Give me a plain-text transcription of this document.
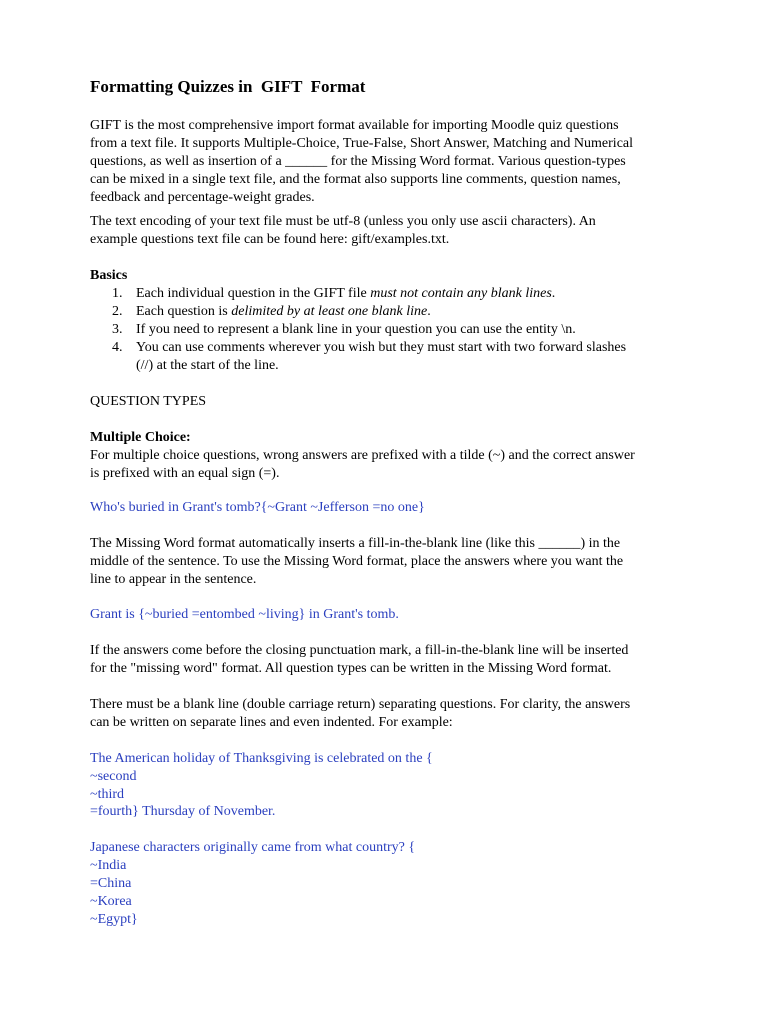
Formatting Quizzes in  GIFT  Format
GIFT is the most comprehensive import format available for importing Moodle quiz questions
from a text file. It supports Multiple-Choice, True-False, Short Answer, Matching and Numerical
questions, as well as insertion of a ______ for the Missing Word format. Various question-types
can be mixed in a single text file, and the format also supports line comments, question names,
feedback and percentage-weight grades.
The text encoding of your text file must be utf-8 (unless you only use ascii characters). An
example questions text file can be found here: gift/examples.txt.
Basics
1. Each individual question in the GIFT file must not contain any blank lines.
2. Each question is delimited by at least one blank line.
3. If you need to represent a blank line in your question you can use the entity \n.
4. You can use comments wherever you wish but they must start with two forward slashes
(//) at the start of the line.
QUESTION TYPES
Multiple Choice:
For multiple choice questions, wrong answers are prefixed with a tilde (~) and the correct answer
is prefixed with an equal sign (=).
Who's buried in Grant's tomb?{~Grant ~Jefferson =no one}
The Missing Word format automatically inserts a fill-in-the-blank line (like this ______) in the
middle of the sentence. To use the Missing Word format, place the answers where you want the
line to appear in the sentence.
Grant is {~buried =entombed ~living} in Grant's tomb.
If the answers come before the closing punctuation mark, a fill-in-the-blank line will be inserted
for the "missing word" format. All question types can be written in the Missing Word format.
There must be a blank line (double carriage return) separating questions. For clarity, the answers
can be written on separate lines and even indented. For example:
The American holiday of Thanksgiving is celebrated on the {
~second
~third
=fourth} Thursday of November.
Japanese characters originally came from what country? {
~India
=China
~Korea
~Egypt}
